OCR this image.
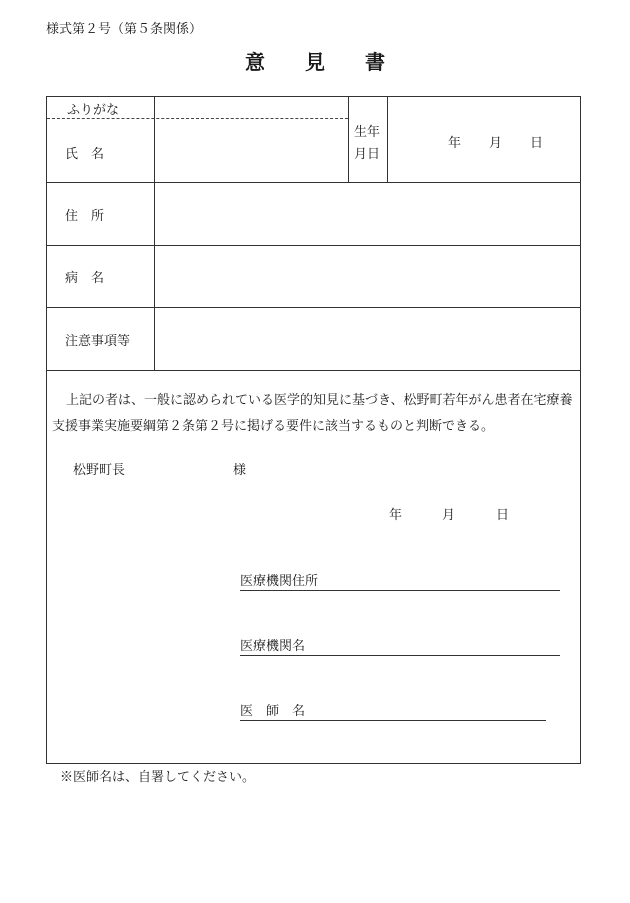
様式第２号（第５条関係）
意見書
ふりがな
氏　名
生年
月日
年 月 日
住　所
病　名
注意事項等
松野町長	様
年	月	日
医療機関住所
医療機関名
医　師　名
上記の者は、一般に認められている医学的知見に基づき、松野町若年がん患者在宅療養支援事業実施要綱第２条第２号に掲げる要件に該当するものと判断できる。
※医師名は、自署してください。
